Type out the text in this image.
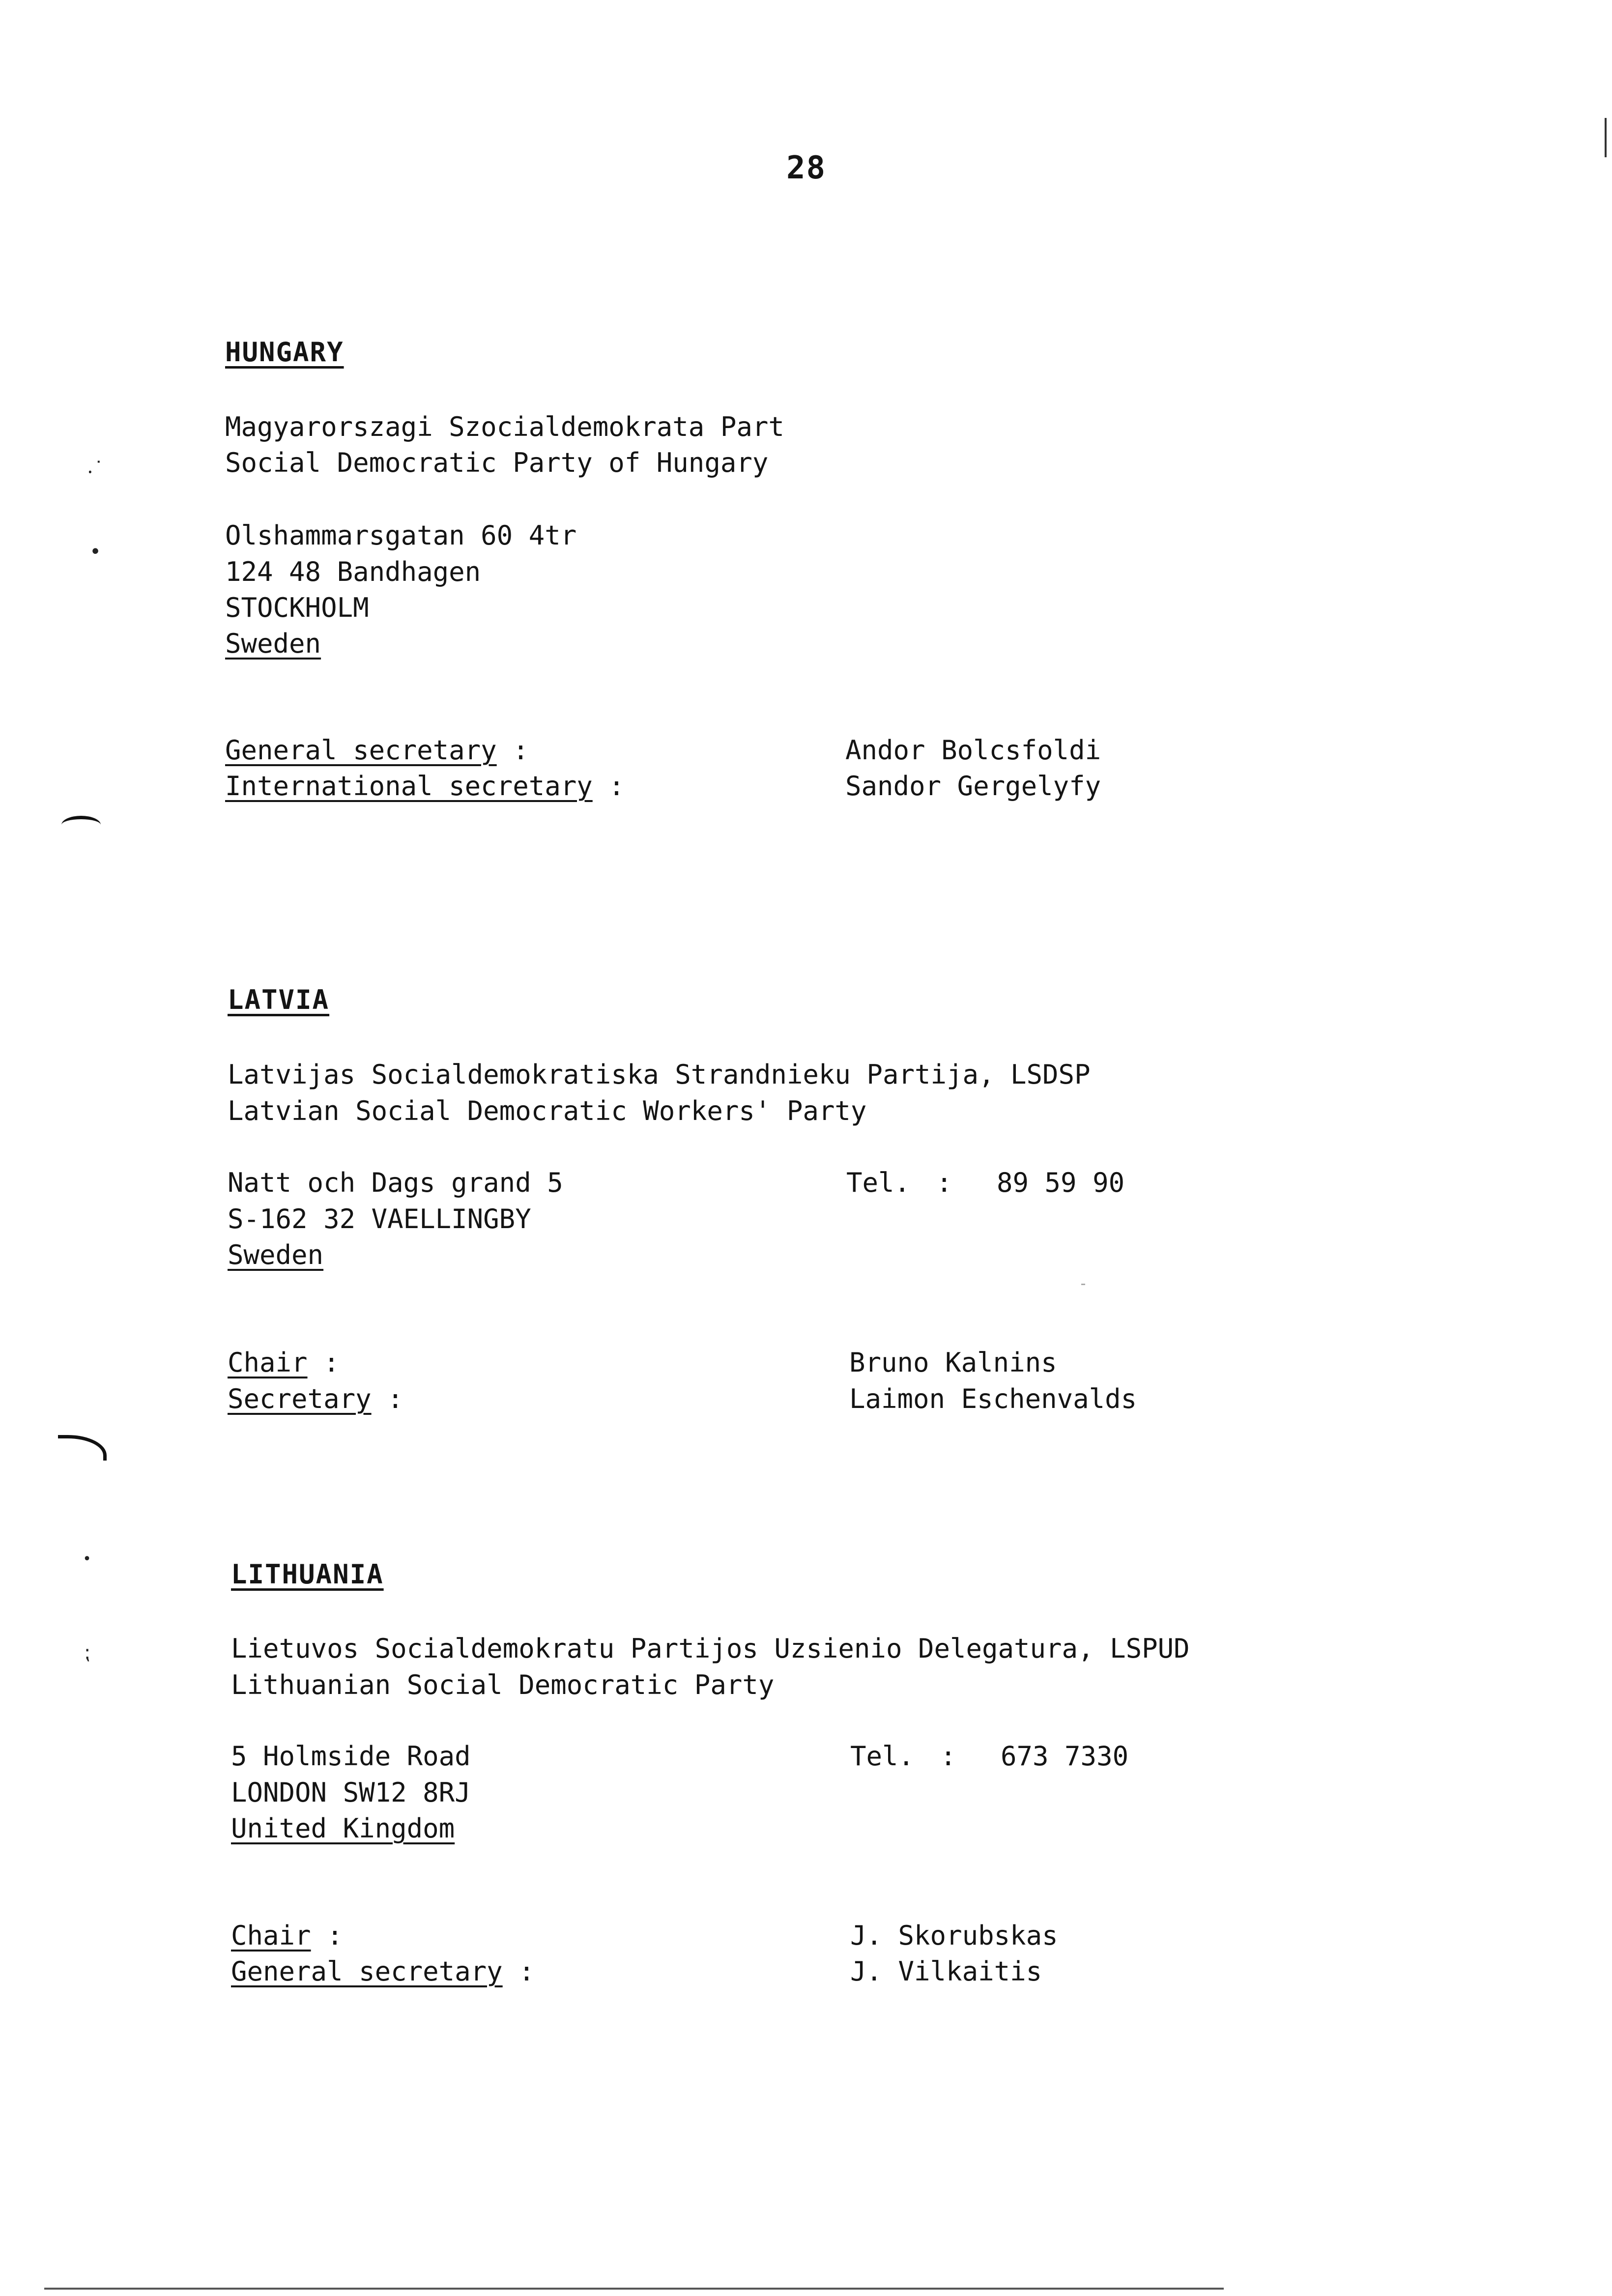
28
HUNGARY
Magyarorszagi Szocialdemokrata Part
Social Democratic Party of Hungary
Olshammarsgatan 60 4tr
124 48 Bandhagen
STOCKHOLM
Sweden
General secretary :	Andor Bolcsfoldi
International secretary :	Sandor Gergelyfy
LATVIA
Latvijas Socialdemokratiska Strandnieku Partija, LSDSP
Latvian Social Democratic Workers' Party
Natt och Dags grand 5
S-162 32 VAELLINGBY
Sweden
Tel. : 89 59 90
Chair :	Bruno Kalnins
Secretary :	Laimon Eschenvalds
LITHUANIA
Lietuvos Socialdemokratu Partijos Uzsienio Delegatura, LSPUD
Lithuanian Social Democratic Party
5 Holmside Road
LONDON SW12 8RJ
United Kingdom
Tel. : 673 7330
Chair :	J. Skorubskas
General secretary :	J. Vilkaitis
⸳˙
•
•
⁏
